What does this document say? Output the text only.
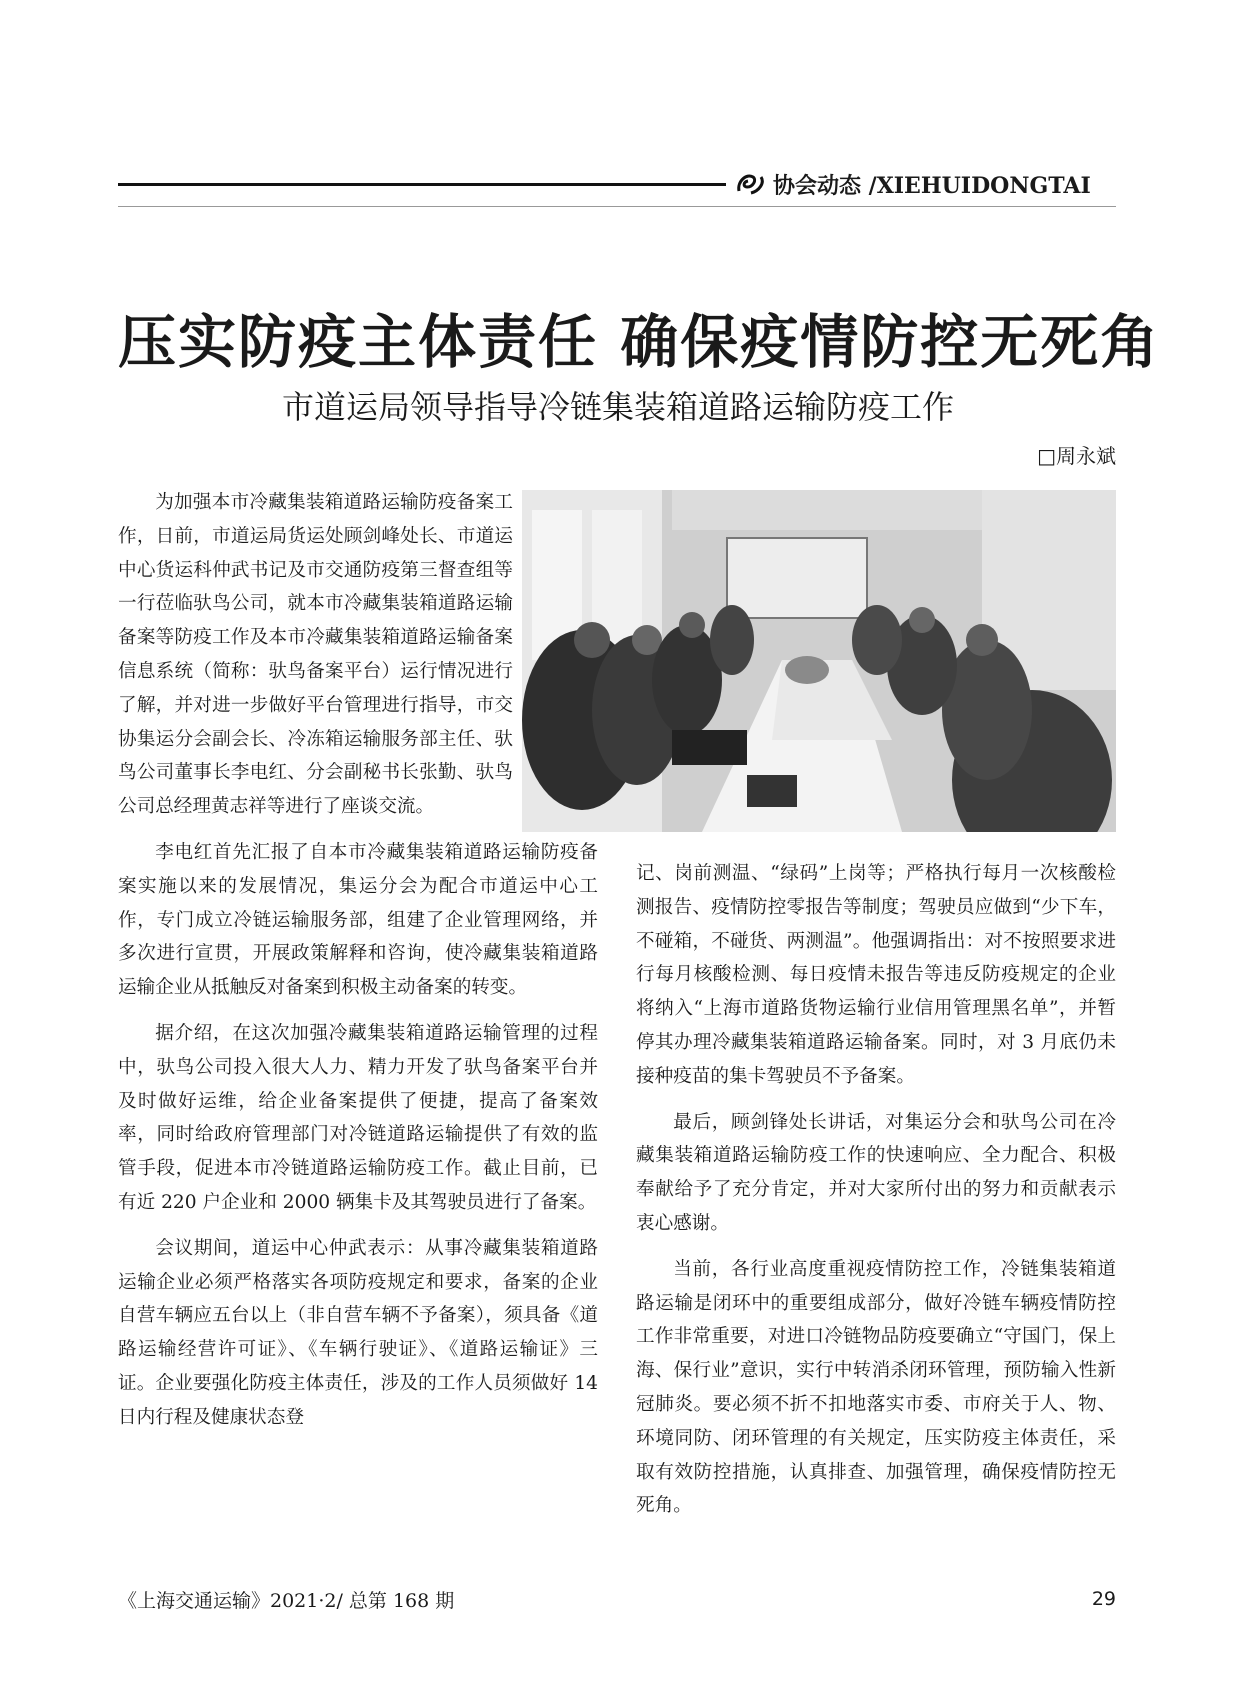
协会动态 /XIEHUIDONGTAI
压实防疫主体责任 确保疫情防控无死角
市道运局领导指导冷链集装箱道路运输防疫工作
□周永斌

为加强本市冷藏集装箱道路运输防疫备案工作，日前，市道运局货运处顾剑峰处长、市道运中心货运科仲武书记及市交通防疫第三督查组等一行莅临驮鸟公司，就本市冷藏集装箱道路运输备案等防疫工作及本市冷藏集装箱道路运输备案信息系统（简称：驮鸟备案平台）运行情况进行了解，并对进一步做好平台管理进行指导，市交协集运分会副会长、冷冻箱运输服务部主任、驮鸟公司董事长李电红、分会副秘书长张勤、驮鸟公司总经理黄志祥等进行了座谈交流。

李电红首先汇报了自本市冷藏集装箱道路运输防疫备案实施以来的发展情况，集运分会为配合市道运中心工作，专门成立冷链运输服务部，组建了企业管理网络，并多次进行宣贯，开展政策解释和咨询，使冷藏集装箱道路运输企业从抵触反对备案到积极主动备案的转变。

据介绍，在这次加强冷藏集装箱道路运输管理的过程中，驮鸟公司投入很大人力、精力开发了驮鸟备案平台并及时做好运维，给企业备案提供了便捷，提高了备案效率，同时给政府管理部门对冷链道路运输提供了有效的监管手段，促进本市冷链道路运输防疫工作。截止目前，已有近 220 户企业和 2000 辆集卡及其驾驶员进行了备案。

会议期间，道运中心仲武表示：从事冷藏集装箱道路运输企业必须严格落实各项防疫规定和要求，备案的企业自营车辆应五台以上（非自营车辆不予备案），须具备《道路运输经营许可证》、《车辆行驶证》、《道路运输证》三证。企业要强化防疫主体责任，涉及的工作人员须做好 14 日内行程及健康状态登

记、岗前测温、“绿码”上岗等；严格执行每月一次核酸检测报告、疫情防控零报告等制度；驾驶员应做到“少下车，不碰箱，不碰货、两测温”。他强调指出：对不按照要求进行每月核酸检测、每日疫情未报告等违反防疫规定的企业将纳入“上海市道路货物运输行业信用管理黑名单”，并暂停其办理冷藏集装箱道路运输备案。同时，对 3 月底仍未接种疫苗的集卡驾驶员不予备案。

最后，顾剑锋处长讲话，对集运分会和驮鸟公司在冷藏集装箱道路运输防疫工作的快速响应、全力配合、积极奉献给予了充分肯定，并对大家所付出的努力和贡献表示衷心感谢。

当前，各行业高度重视疫情防控工作，冷链集装箱道路运输是闭环中的重要组成部分，做好冷链车辆疫情防控工作非常重要，对进口冷链物品防疫要确立“守国门，保上海、保行业”意识，实行中转消杀闭环管理，预防输入性新冠肺炎。要必须不折不扣地落实市委、市府关于人、物、环境同防、闭环管理的有关规定，压实防疫主体责任，采取有效防控措施，认真排查、加强管理，确保疫情防控无死角。

《上海交通运输》2021·2/ 总第 168 期	29
